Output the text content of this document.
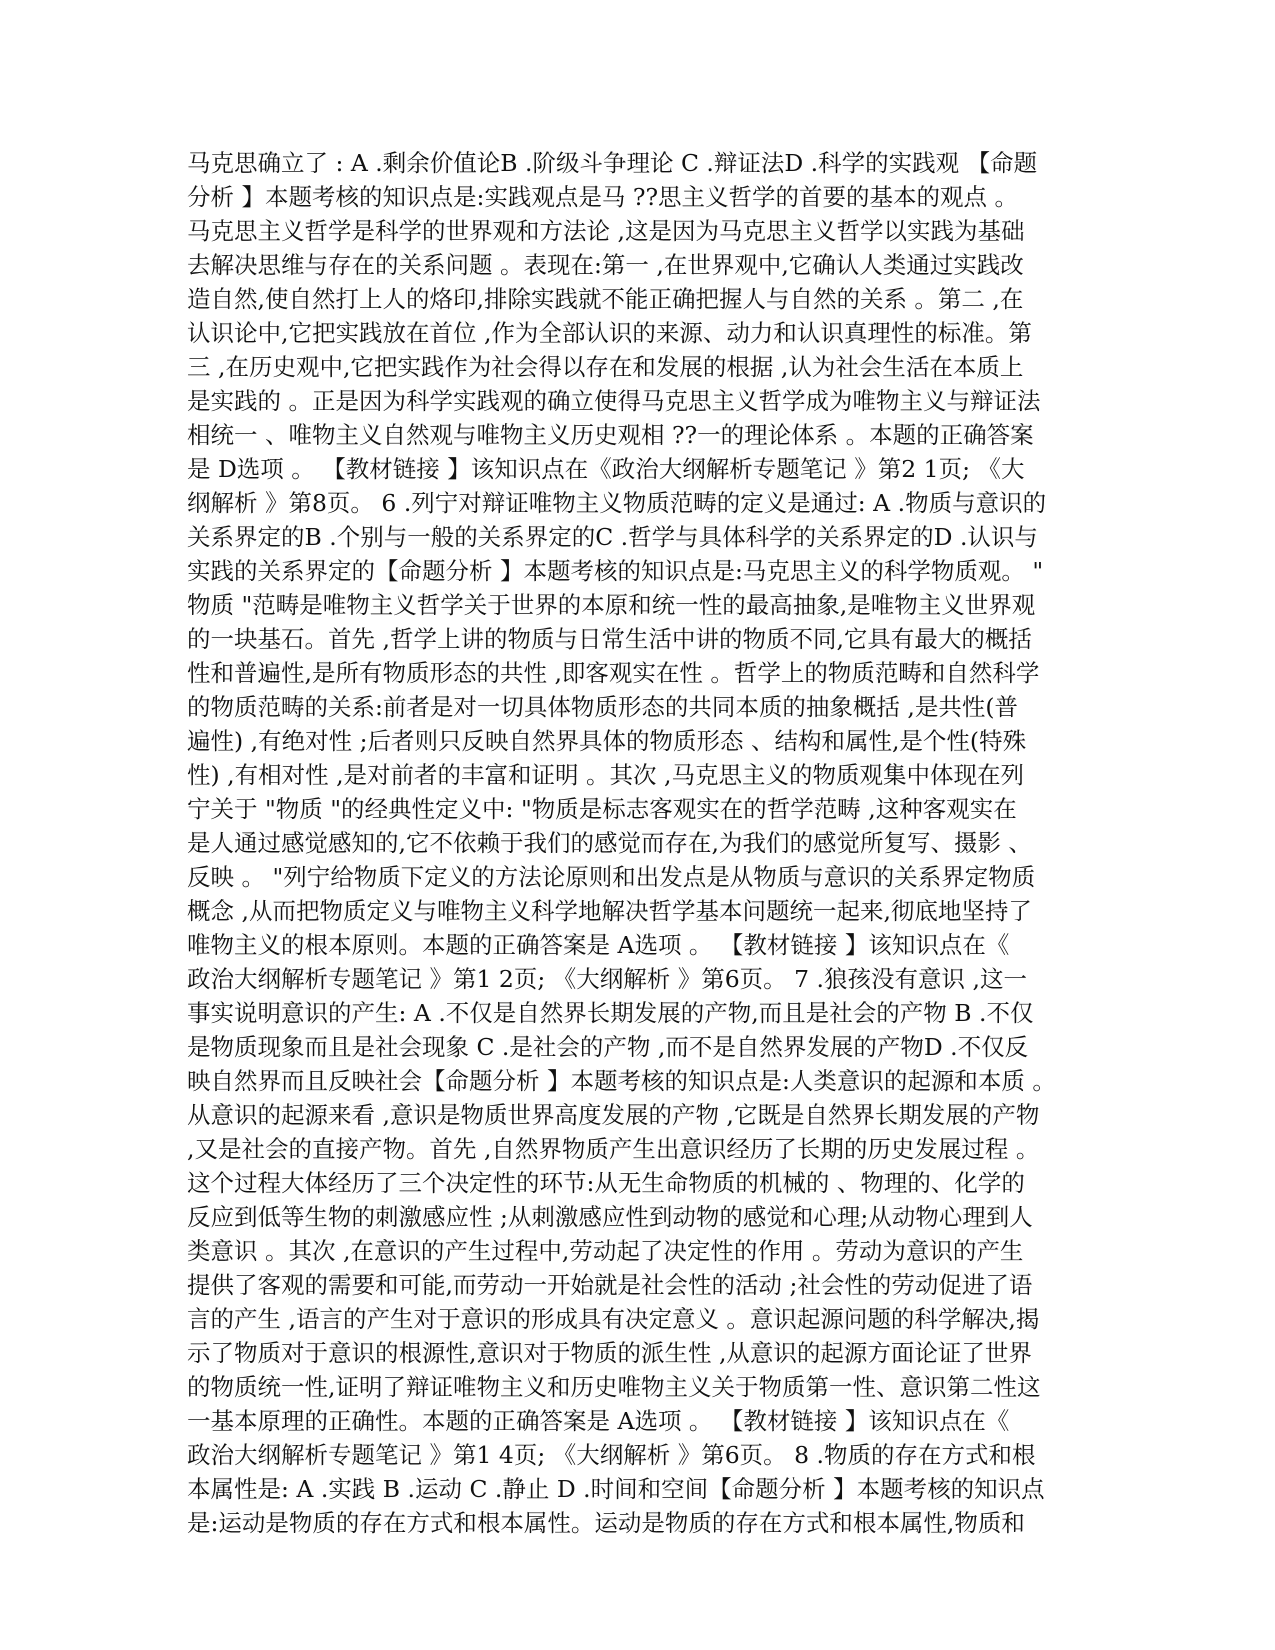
马克思确立了 : A .剩余价值论B .阶级斗争理论 C .辩证法D .科学的实践观 【命题
分析 】本题考核的知识点是:实践观点是马 ??思主义哲学的首要的基本的观点 。
马克思主义哲学是科学的世界观和方法论 ,这是因为马克思主义哲学以实践为基础
去解决思维与存在的关系问题 。表现在:第一 ,在世界观中,它确认人类通过实践改
造自然,使自然打上人的烙印,排除实践就不能正确把握人与自然的关系 。第二 ,在
认识论中,它把实践放在首位 ,作为全部认识的来源、动力和认识真理性的标准。第
三 ,在历史观中,它把实践作为社会得以存在和发展的根据 ,认为社会生活在本质上
是实践的 。正是因为科学实践观的确立使得马克思主义哲学成为唯物主义与辩证法
相统一 、唯物主义自然观与唯物主义历史观相 ??一的理论体系 。本题的正确答案
是 D选项 。 【教材链接 】该知识点在《政治大纲解析专题笔记 》第2 1页; 《大
纲解析 》第8页。 6 .列宁对辩证唯物主义物质范畴的定义是通过: A .物质与意识的
关系界定的B .个别与一般的关系界定的C .哲学与具体科学的关系界定的D .认识与
实践的关系界定的【命题分析 】本题考核的知识点是:马克思主义的科学物质观。 "
物质 "范畴是唯物主义哲学关于世界的本原和统一性的最高抽象,是唯物主义世界观
的一块基石。首先 ,哲学上讲的物质与日常生活中讲的物质不同,它具有最大的概括
性和普遍性,是所有物质形态的共性 ,即客观实在性 。哲学上的物质范畴和自然科学
的物质范畴的关系:前者是对一切具体物质形态的共同本质的抽象概括 ,是共性(普
遍性) ,有绝对性 ;后者则只反映自然界具体的物质形态 、结构和属性,是个性(特殊
性) ,有相对性 ,是对前者的丰富和证明 。其次 ,马克思主义的物质观集中体现在列
宁关于 "物质 "的经典性定义中: "物质是标志客观实在的哲学范畴 ,这种客观实在
是人通过感觉感知的,它不依赖于我们的感觉而存在,为我们的感觉所复写、摄影 、
反映 。 "列宁给物质下定义的方法论原则和出发点是从物质与意识的关系界定物质
概念 ,从而把物质定义与唯物主义科学地解决哲学基本问题统一起来,彻底地坚持了
唯物主义的根本原则。本题的正确答案是 A选项 。 【教材链接 】该知识点在《
政治大纲解析专题笔记 》第1 2页; 《大纲解析 》第6页。 7 .狼孩没有意识 ,这一
事实说明意识的产生: A .不仅是自然界长期发展的产物,而且是社会的产物 B .不仅
是物质现象而且是社会现象 C .是社会的产物 ,而不是自然界发展的产物D .不仅反
映自然界而且反映社会【命题分析 】本题考核的知识点是:人类意识的起源和本质 。
从意识的起源来看 ,意识是物质世界高度发展的产物 ,它既是自然界长期发展的产物
,又是社会的直接产物。首先 ,自然界物质产生出意识经历了长期的历史发展过程 。
这个过程大体经历了三个决定性的环节:从无生命物质的机械的 、物理的、化学的
反应到低等生物的刺激感应性 ;从刺激感应性到动物的感觉和心理;从动物心理到人
类意识 。其次 ,在意识的产生过程中,劳动起了决定性的作用 。劳动为意识的产生
提供了客观的需要和可能,而劳动一开始就是社会性的活动 ;社会性的劳动促进了语
言的产生 ,语言的产生对于意识的形成具有决定意义 。意识起源问题的科学解决,揭
示了物质对于意识的根源性,意识对于物质的派生性 ,从意识的起源方面论证了世界
的物质统一性,证明了辩证唯物主义和历史唯物主义关于物质第一性、意识第二性这
一基本原理的正确性。本题的正确答案是 A选项 。 【教材链接 】该知识点在《
政治大纲解析专题笔记 》第1 4页; 《大纲解析 》第6页。 8 .物质的存在方式和根
本属性是: A .实践 B .运动 C .静止 D .时间和空间【命题分析 】本题考核的知识点
是:运动是物质的存在方式和根本属性。运动是物质的存在方式和根本属性,物质和
